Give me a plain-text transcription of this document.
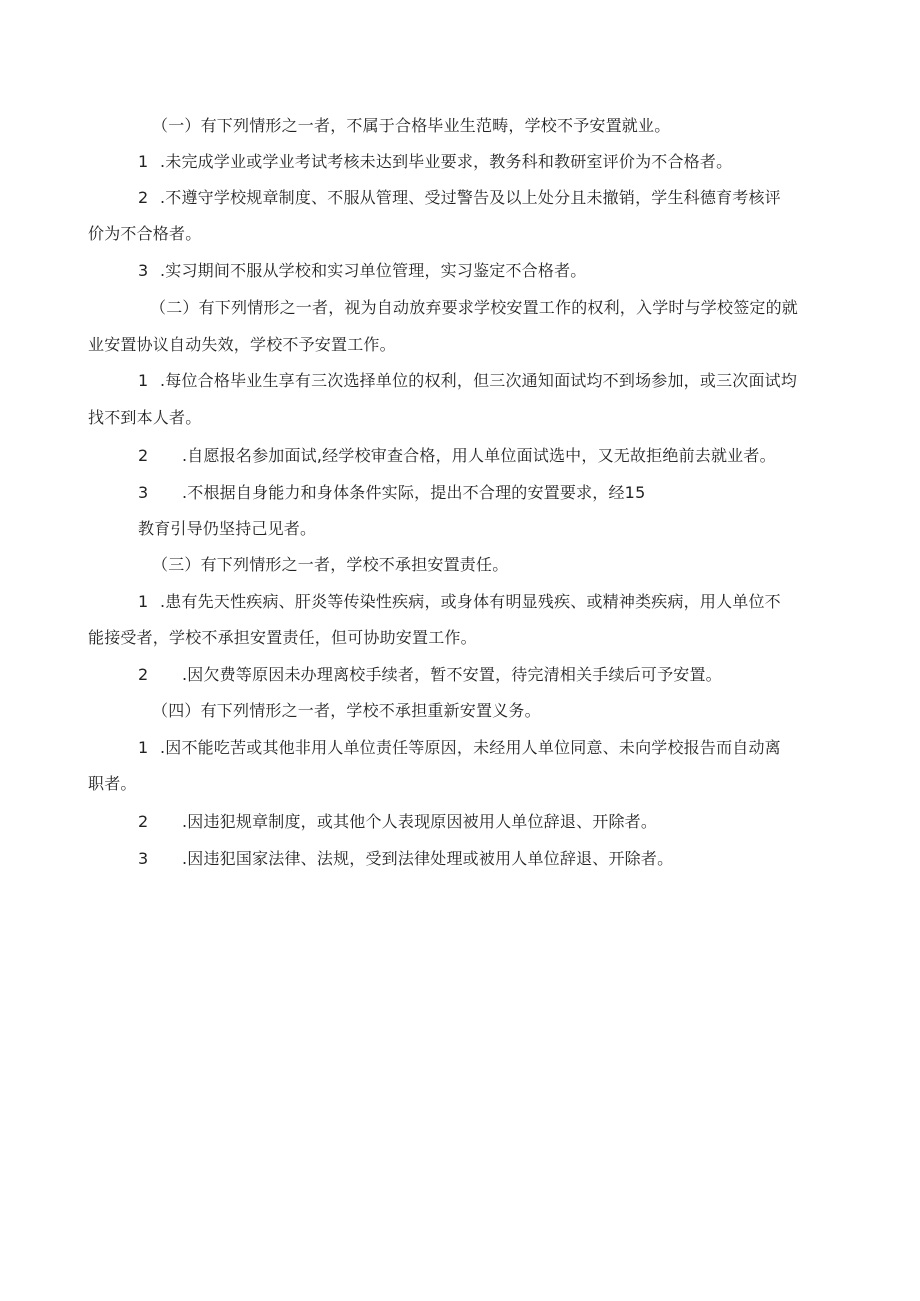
（一）有下列情形之一者，不属于合格毕业生范畴，学校不予安置就业。
1 .未完成学业或学业考试考核未达到毕业要求，教务科和教研室评价为不合格者。
2 .不遵守学校规章制度、不服从管理、受过警告及以上处分且未撤销，学生科德育考核评
价为不合格者。
3 .实习期间不服从学校和实习单位管理，实习鉴定不合格者。
（二）有下列情形之一者，视为自动放弃要求学校安置工作的权利，入学时与学校签定的就
业安置协议自动失效，学校不予安置工作。
1 .每位合格毕业生享有三次选择单位的权利，但三次通知面试均不到场参加，或三次面试均
找不到本人者。
2 .自愿报名参加面试,经学校审查合格，用人单位面试选中，又无故拒绝前去就业者。
3 .不根据自身能力和身体条件实际，提出不合理的安置要求，经15
教育引导仍坚持己见者。
（三）有下列情形之一者，学校不承担安置责任。
1 .患有先天性疾病、肝炎等传染性疾病，或身体有明显残疾、或精神类疾病，用人单位不
能接受者，学校不承担安置责任，但可协助安置工作。
2 .因欠费等原因未办理离校手续者，暂不安置，待完清相关手续后可予安置。
（四）有下列情形之一者，学校不承担重新安置义务。
1 .因不能吃苦或其他非用人单位责任等原因，未经用人单位同意、未向学校报告而自动离
职者。
2 .因违犯规章制度，或其他个人表现原因被用人单位辞退、开除者。
3 .因违犯国家法律、法规，受到法律处理或被用人单位辞退、开除者。
